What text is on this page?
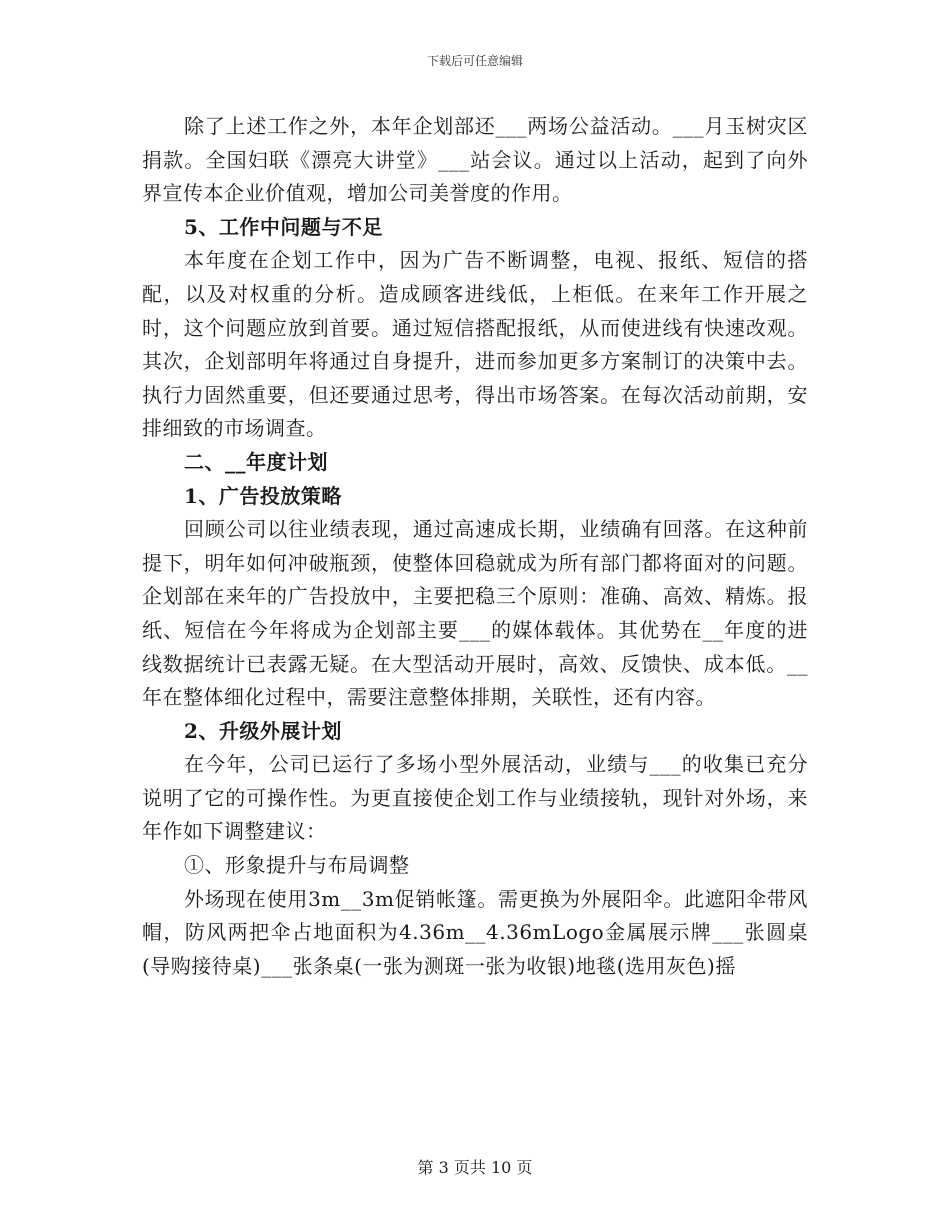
下载后可任意编辑

除了上述工作之外，本年企划部还___两场公益活动。___月玉树灾区捐款。全国妇联《漂亮大讲堂》___站会议。通过以上活动，起到了向外界宣传本企业价值观，增加公司美誉度的作用。

5、工作中问题与不足

本年度在企划工作中，因为广告不断调整，电视、报纸、短信的搭配，以及对权重的分析。造成顾客进线低，上柜低。在来年工作开展之时，这个问题应放到首要。通过短信搭配报纸，从而使进线有快速改观。其次，企划部明年将通过自身提升，进而参加更多方案制订的决策中去。执行力固然重要，但还要通过思考，得出市场答案。在每次活动前期，安排细致的市场调查。

二、__年度计划
1、广告投放策略

回顾公司以往业绩表现，通过高速成长期，业绩确有回落。在这种前提下，明年如何冲破瓶颈，使整体回稳就成为所有部门都将面对的问题。企划部在来年的广告投放中，主要把稳三个原则：准确、高效、精炼。报纸、短信在今年将成为企划部主要___的媒体载体。其优势在__年度的进线数据统计已表露无疑。在大型活动开展时，高效、反馈快、成本低。__年在整体细化过程中，需要注意整体排期，关联性，还有内容。

2、升级外展计划

在今年，公司已运行了多场小型外展活动，业绩与___的收集已充分说明了它的可操作性。为更直接使企划工作与业绩接轨，现针对外场，来年作如下调整建议：

①、形象提升与布局调整

外场现在使用3m__3m促销帐篷。需更换为外展阳伞。此遮阳伞带风帽，防风两把伞占地面积为4.36m__4.36mLogo金属展示牌___张圆桌(导购接待桌)___张条桌(一张为测斑一张为收银)地毯(选用灰色)摇

第 3 页共 10 页
